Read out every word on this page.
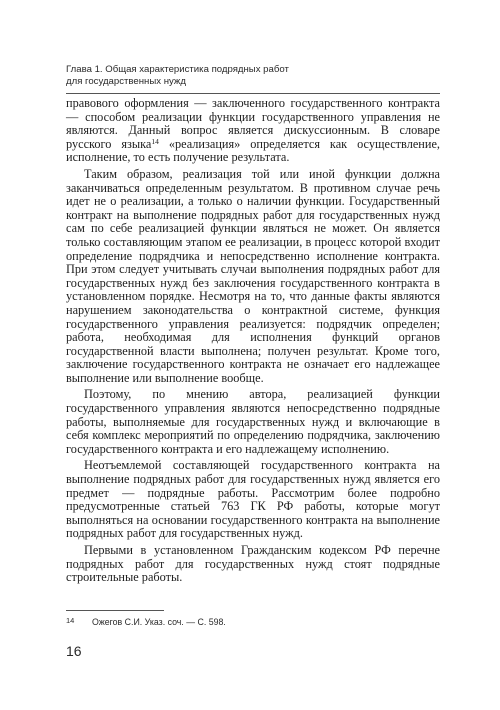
Глава 1. Общая характеристика подрядных работ
для государственных нужд

правового оформления — заключенного государственного контракта — способом реализации функции государственного управления не являются. Данный вопрос является дискуссионным. В словаре русского языка$^{14}$ «реализация» определяется как осуществление, исполнение, то есть получение результата.

Таким образом, реализация той или иной функции должна заканчиваться определенным результатом. В противном случае речь идет не о реализации, а только о наличии функции. Государственный контракт на выполнение подрядных работ для государственных нужд сам по себе реализацией функции являться не может. Он является только составляющим этапом ее реализации, в процесс которой входит определение подрядчика и непосредственно исполнение контракта. При этом следует учитывать случаи выполнения подрядных работ для государственных нужд без заключения государственного контракта в установленном порядке. Несмотря на то, что данные факты являются нарушением законодательства о контрактной системе, функция государственного управления реализуется: подрядчик определен; работа, необходимая для исполнения функций органов государственной власти выполнена; получен результат. Кроме того, заключение государственного контракта не означает его надлежащее выполнение или выполнение вообще.

Поэтому, по мнению автора, реализацией функции государственного управления являются непосредственно подрядные работы, выполняемые для государственных нужд и включающие в себя комплекс мероприятий по определению подрядчика, заключению государственного контракта и его надлежащему исполнению.

Неотъемлемой составляющей государственного контракта на выполнение подрядных работ для государственных нужд является его предмет — подрядные работы. Рассмотрим более подробно предусмотренные статьей 763 ГК РФ работы, которые могут выполняться на основании государственного контракта на выполнение подрядных работ для государственных нужд.

Первыми в установленном Гражданским кодексом РФ перечне подрядных работ для государственных нужд стоят подрядные строительные работы.

14 Ожегов С.И. Указ. соч. — С. 598.
16
